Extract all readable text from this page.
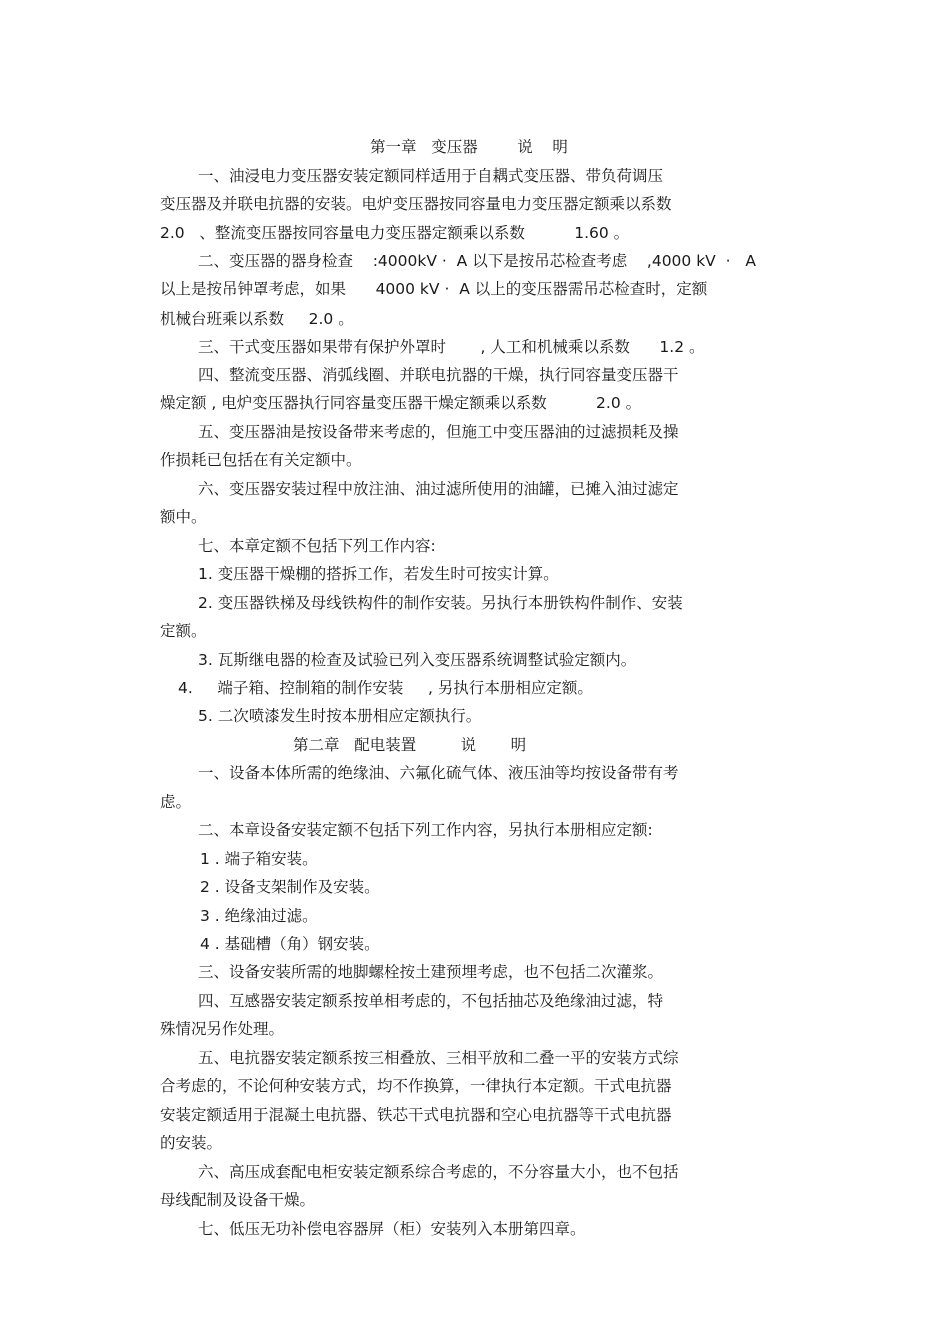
第一章   变压器        说    明

一、油浸电力变压器安装定额同样适用于自耦式变压器、带负荷调压

变压器及并联电抗器的安装。电炉变压器按同容量电力变压器定额乘以系数

2.0   、整流变压器按同容量电力变压器定额乘以系数          1.60 。

二、变压器的器身检查    :4000kV ·  A 以下是按吊芯检查考虑    ,4000 kV  ·   A

以上是按吊钟罩考虑，如果      4000 kV ·  A 以上的变压器需吊芯检查时，定额

机械台班乘以系数     2.0 。

三、干式变压器如果带有保护外罩时       , 人工和机械乘以系数      1.2 。

四、整流变压器、消弧线圈、并联电抗器的干燥，执行同容量变压器干

燥定额 , 电炉变压器执行同容量变压器干燥定额乘以系数          2.0 。

五、变压器油是按设备带来考虑的，但施工中变压器油的过滤损耗及操

作损耗已包括在有关定额中。

六、变压器安装过程中放注油、油过滤所使用的油罐，已摊入油过滤定

额中。

七、本章定额不包括下列工作内容:

1. 变压器干燥棚的搭拆工作，若发生时可按实计算。

2. 变压器铁梯及母线铁构件的制作安装。另执行本册铁构件制作、安装

定额。

3. 瓦斯继电器的检查及试验已列入变压器系统调整试验定额内。

4.     端子箱、控制箱的制作安装     , 另执行本册相应定额。

5. 二次喷漆发生时按本册相应定额执行。

第二章   配电装置         说       明

一、设备本体所需的绝缘油、六氟化硫气体、液压油等均按设备带有考

虑。

二、本章设备安装定额不包括下列工作内容，另执行本册相应定额:

1 . 端子箱安装。

2 . 设备支架制作及安装。

3 . 绝缘油过滤。

4 . 基础槽（角）钢安装。

三、设备安装所需的地脚螺栓按土建预埋考虑，也不包括二次灌浆。

四、互感器安装定额系按单相考虑的，不包括抽芯及绝缘油过滤，特

殊情况另作处理。

五、电抗器安装定额系按三相叠放、三相平放和二叠一平的安装方式综

合考虑的，不论何种安装方式，均不作换算，一律执行本定额。干式电抗器

安装定额适用于混凝土电抗器、铁芯干式电抗器和空心电抗器等干式电抗器

的安装。

六、高压成套配电柜安装定额系综合考虑的，不分容量大小，也不包括

母线配制及设备干燥。

七、低压无功补偿电容器屏（柜）安装列入本册第四章。
